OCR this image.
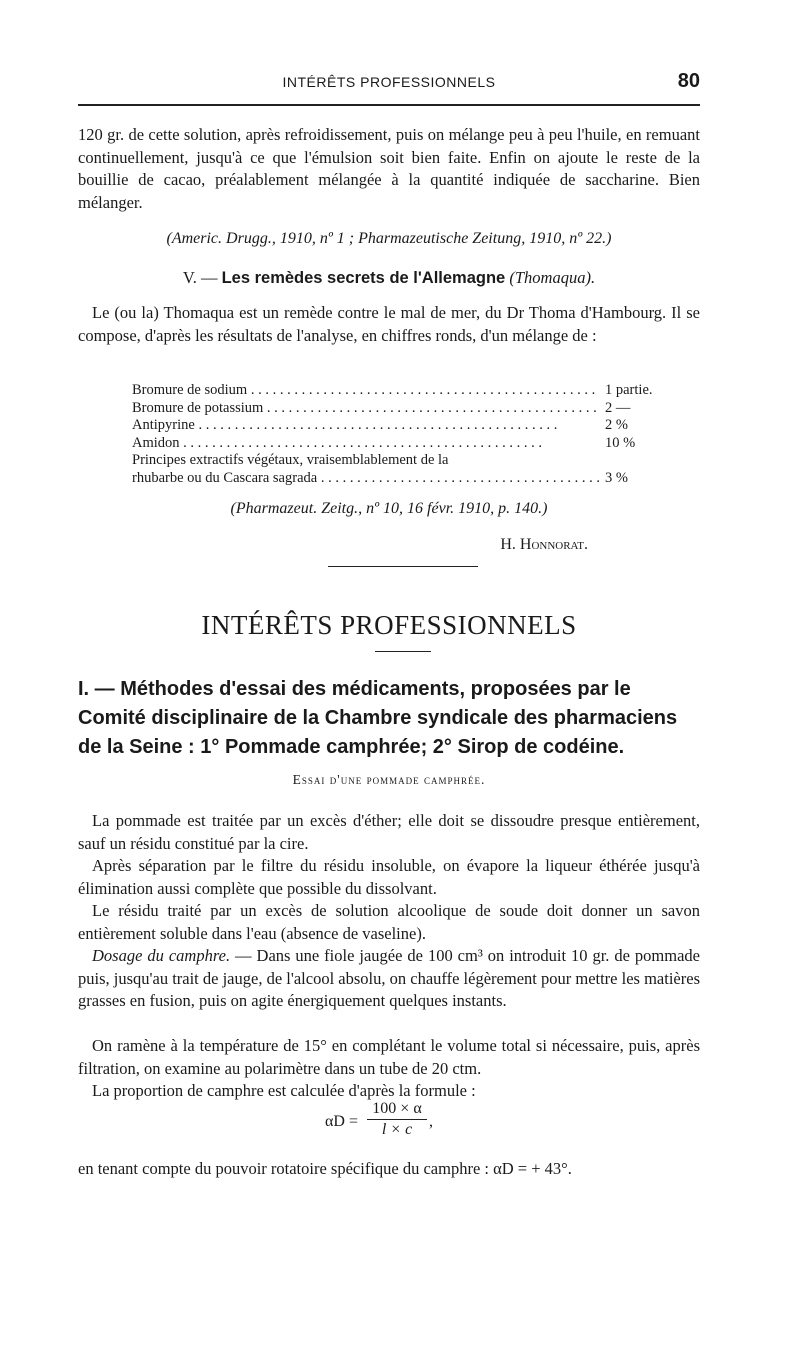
INTÉRÊTS PROFESSIONNELS	80

120 gr. de cette solution, après refroidissement, puis on mélange peu à peu l'huile, en remuant continuellement, jusqu'à ce que l'émulsion soit bien faite. Enfin on ajoute le reste de la bouillie de cacao, préalablement mélangée à la quantité indiquée de saccharine. Bien mélanger.

(Americ. Drugg., 1910, nº 1 ; Pharmazeutische Zeitung, 1910, nº 22.)

V. — Les remèdes secrets de l'Allemagne (Thomaqua).

Le (ou la) Thomaqua est un remède contre le mal de mer, du Dr Thoma d'Hambourg. Il se compose, d'après les résultats de l'analyse, en chiffres ronds, d'un mélange de :

Bromure de sodium . . .	1 partie.
Bromure de potassium . . .	2 —
Antipyrine . . .	2 %
Amidon . . .	10 %
Principes extractifs végétaux, vraisemblablement de la
rhubarbe ou du Cascara sagrada . . .	3 %

(Pharmazeut. Zeitg., nº 10, 16 févr. 1910, p. 140.)

H. Honnorat.
INTÉRÊTS PROFESSIONNELS
I. — Méthodes d'essai des médicaments, proposées par le Comité disciplinaire de la Chambre syndicale des pharmaciens de la Seine : 1° Pommade camphrée; 2° Sirop de codéine.
Essai d'une pommade camphrée.

La pommade est traitée par un excès d'éther; elle doit se dissoudre presque entièrement, sauf un résidu constitué par la cire.

Après séparation par le filtre du résidu insoluble, on évapore la liqueur éthérée jusqu'à élimination aussi complète que possible du dissolvant.

Le résidu traité par un excès de solution alcoolique de soude doit donner un savon entièrement soluble dans l'eau (absence de vaseline).

Dosage du camphre. — Dans une fiole jaugée de 100 cm³ on introduit 10 gr. de pommade puis, jusqu'au trait de jauge, de l'alcool absolu, on chauffe légèrement pour mettre les matières grasses en fusion, puis on agite énergiquement quelques instants.

On ramène à la température de 15° en complétant le volume total si nécessaire, puis, après filtration, on examine au polarimètre dans un tube de 20 ctm.

La proportion de camphre est calculée d'après la formule :

$\alpha D = \frac{100 \times \alpha}{l \times c}$ ,

en tenant compte du pouvoir rotatoire spécifique du camphre : αD = + 43°.
